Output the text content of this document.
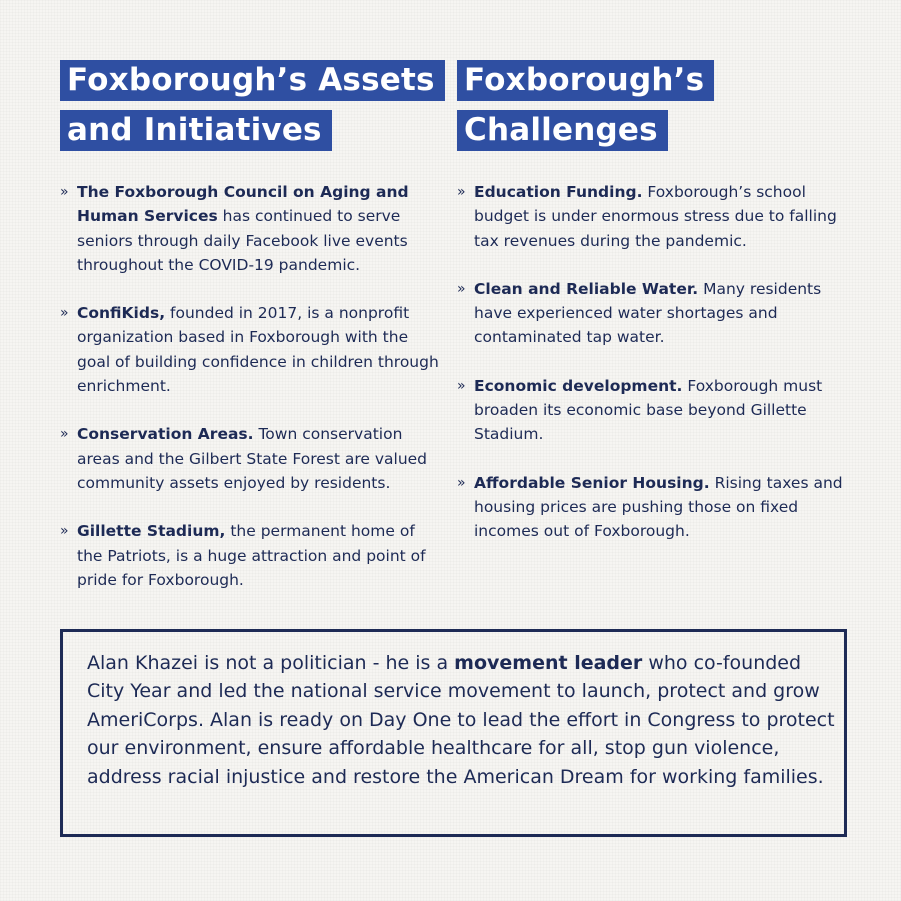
Foxborough’s Assets
and Initiatives
» The Foxborough Council on Aging and Human Services has continued to serve seniors through daily Facebook live events throughout the COVID-19 pandemic.
» ConfiKids, founded in 2017, is a nonprofit organization based in Foxborough with the goal of building confidence in children through enrichment.
» Conservation Areas. Town conservation areas and the Gilbert State Forest are valued community assets enjoyed by residents.
» Gillette Stadium, the permanent home of the Patriots, is a huge attraction and point of pride for Foxborough.
Foxborough’s
Challenges
» Education Funding. Foxborough’s school budget is under enormous stress due to falling tax revenues during the pandemic.
» Clean and Reliable Water. Many residents have experienced water shortages and contaminated tap water.
» Economic development. Foxborough must broaden its economic base beyond Gillette Stadium.
» Affordable Senior Housing. Rising taxes and housing prices are pushing those on fixed incomes out of Foxborough.

Alan Khazei is not a politician - he is a movement leader who co-founded City Year and led the national service movement to launch, protect and grow AmeriCorps. Alan is ready on Day One to lead the effort in Congress to protect our environment, ensure affordable healthcare for all, stop gun violence, address racial injustice and restore the American Dream for working families.
